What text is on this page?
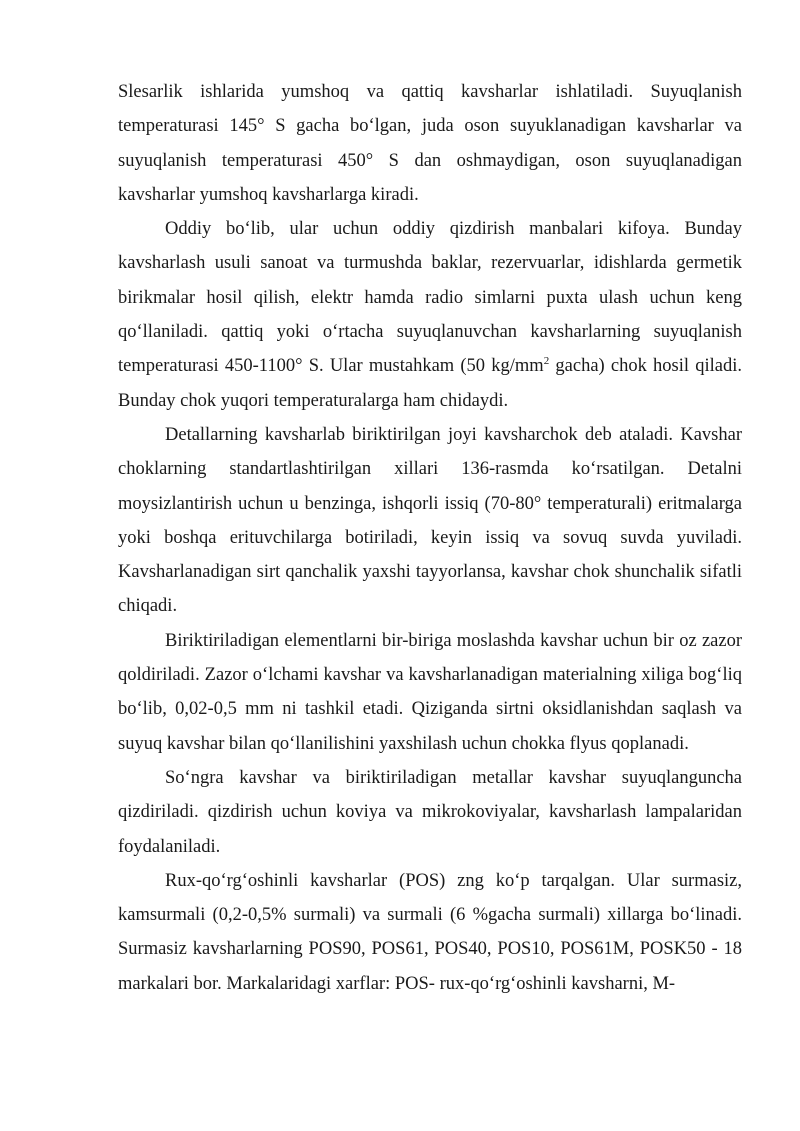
Slesarlik ishlarida yumshoq va qattiq kavsharlar ishlatiladi. Suyuqlanish temperaturasi 145° S gacha bo‘lgan, juda oson suyuklanadigan kavsharlar va suyuqlanish temperaturasi 450° S dan oshmaydigan, oson suyuqlanadigan kavsharlar yumshoq kavsharlarga kiradi.

Oddiy bo‘lib, ular uchun oddiy qizdirish manbalari kifoya. Bunday kavsharlash usuli sanoat va turmushda baklar, rezervuarlar, idishlarda germetik birikmalar hosil qilish, elektr hamda radio simlarni puxta ulash uchun keng qo‘llaniladi. qattiq yoki o‘rtacha suyuqlanuvchan kavsharlarning suyuqlanish temperaturasi 450-1100° S. Ular mustahkam (50 $kg/mm^2$ gacha) chok hosil qiladi. Bunday chok yuqori temperaturalarga ham chidaydi.

Detallarning kavsharlab biriktirilgan joyi kavsharchok deb ataladi. Kavshar choklarning standartlashtirilgan xillari 136-rasmda ko‘rsatilgan. Detalni moysizlantirish uchun u benzinga, ishqorli issiq (70-80° temperaturali) eritmalarga yoki boshqa erituvchilarga botiriladi, keyin issiq va sovuq suvda yuviladi. Kavsharlanadigan sirt qanchalik yaxshi tayyorlansa, kavshar chok shunchalik sifatli chiqadi.

Biriktiriladigan elementlarni bir-biriga moslashda kavshar uchun bir oz zazor qoldiriladi. Zazor o‘lchami kavshar va kavsharlanadigan materialning xiliga bog‘liq bo‘lib, 0,02-0,5 mm ni tashkil etadi. Qiziganda sirtni oksidlanishdan saqlash va suyuq kavshar bilan qo‘llanilishini yaxshilash uchun chokka flyus qoplanadi.

So‘ngra kavshar va biriktiriladigan metallar kavshar suyuqlanguncha qizdiriladi. qizdirish uchun koviya va mikrokoviyalar, kavsharlash lampalaridan foydalaniladi.

Rux-qo‘rg‘oshinli kavsharlar (POS) zng ko‘p tarqalgan. Ular surmasiz, kamsurmali (0,2-0,5% surmali) va surmali (6 %gacha surmali) xillarga bo‘linadi. Surmasiz kavsharlarning POS90, POS61, POS40, POS10, POS61M, POSK50 - 18 markalari bor. Markalaridagi xarflar: POS- rux-qo‘rg‘oshinli kavsharni, M-
